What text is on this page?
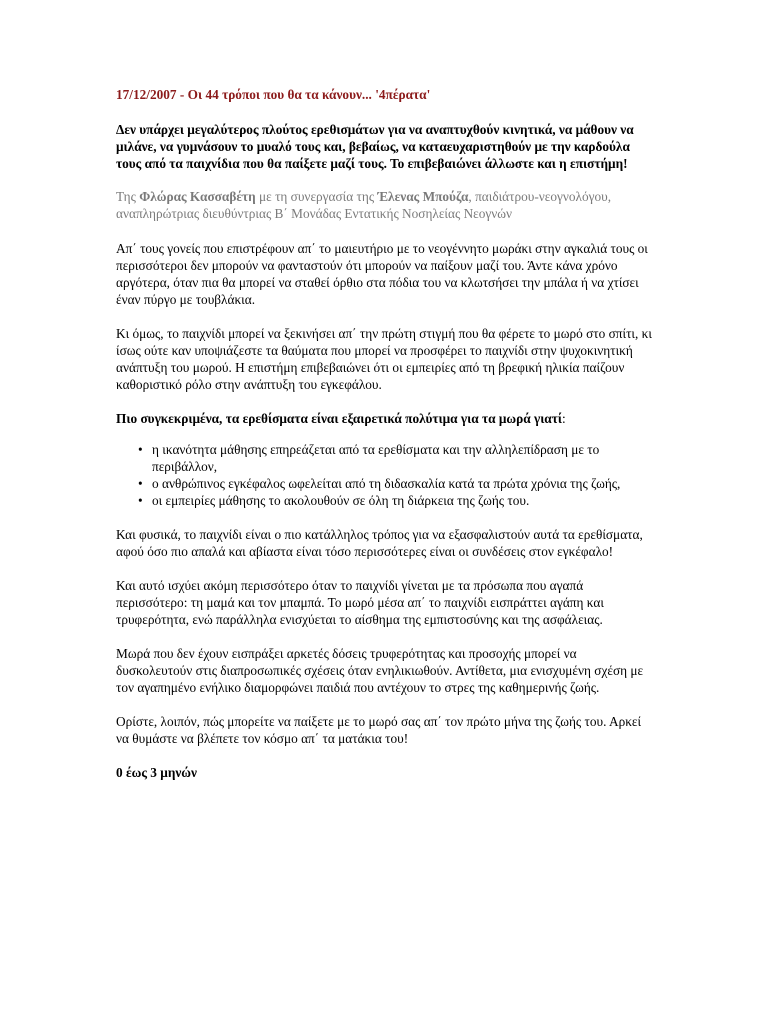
17/12/2007 - Οι 44 τρόποι που θα τα κάνουν... '4πέρατα'
Δεν υπάρχει μεγαλύτερος πλούτος ερεθισμάτων για να αναπτυχθούν κινητικά, να μάθουν να μιλάνε, να γυμνάσουν το μυαλό τους και, βεβαίως, να καταευχαριστηθούν με την καρδούλα τους από τα παιχνίδια που θα παίξετε μαζί τους. Το επιβεβαιώνει άλλωστε και η επιστήμη!
Της Φλώρας Κασσαβέτη με τη συνεργασία της Έλενας Μπούζα, παιδιάτρου-νεογνολόγου, αναπληρώτριας διευθύντριας Β΄ Μονάδας Εντατικής Νοσηλείας Νεογνών

Απ΄ τους γονείς που επιστρέφουν απ΄ το μαιευτήριο με το νεογέννητο μωράκι στην αγκαλιά τους οι περισσότεροι δεν μπορούν να φανταστούν ότι μπορούν να παίξουν μαζί του. Άντε κάνα χρόνο αργότερα, όταν πια θα μπορεί να σταθεί όρθιο στα πόδια του να κλωτσήσει την μπάλα ή να χτίσει έναν πύργο με τουβλάκια.

Κι όμως, το παιχνίδι μπορεί να ξεκινήσει απ΄ την πρώτη στιγμή που θα φέρετε το μωρό στο σπίτι, κι ίσως ούτε καν υποψιάζεστε τα θαύματα που μπορεί να προσφέρει το παιχνίδι στην ψυχοκινητική ανάπτυξη του μωρού. Η επιστήμη επιβεβαιώνει ότι οι εμπειρίες από τη βρεφική ηλικία παίζουν καθοριστικό ρόλο στην ανάπτυξη του εγκεφάλου.

Πιο συγκεκριμένα, τα ερεθίσματα είναι εξαιρετικά πολύτιμα για τα μωρά γιατί:
• η ικανότητα μάθησης επηρεάζεται από τα ερεθίσματα και την αλληλεπίδραση με το περιβάλλον,
• ο ανθρώπινος εγκέφαλος ωφελείται από τη διδασκαλία κατά τα πρώτα χρόνια της ζωής,
• οι εμπειρίες μάθησης το ακολουθούν σε όλη τη διάρκεια της ζωής του.

Και φυσικά, το παιχνίδι είναι ο πιο κατάλληλος τρόπος για να εξασφαλιστούν αυτά τα ερεθίσματα, αφού όσο πιο απαλά και αβίαστα είναι τόσο περισσότερες είναι οι συνδέσεις στον εγκέφαλο!

Και αυτό ισχύει ακόμη περισσότερο όταν το παιχνίδι γίνεται με τα πρόσωπα που αγαπά περισσότερο: τη μαμά και τον μπαμπά. Το μωρό μέσα απ΄ το παιχνίδι εισπράττει αγάπη και τρυφερότητα, ενώ παράλληλα ενισχύεται το αίσθημα της εμπιστοσύνης και της ασφάλειας.

Μωρά που δεν έχουν εισπράξει αρκετές δόσεις τρυφερότητας και προσοχής μπορεί να δυσκολευτούν στις διαπροσωπικές σχέσεις όταν ενηλικιωθούν. Αντίθετα, μια ενισχυμένη σχέση με τον αγαπημένο ενήλικο διαμορφώνει παιδιά που αντέχουν το στρες της καθημερινής ζωής.

Ορίστε, λοιπόν, πώς μπορείτε να παίξετε με το μωρό σας απ΄ τον πρώτο μήνα της ζωής του. Αρκεί να θυμάστε να βλέπετε τον κόσμο απ΄ τα ματάκια του!

0 έως 3 μηνών
